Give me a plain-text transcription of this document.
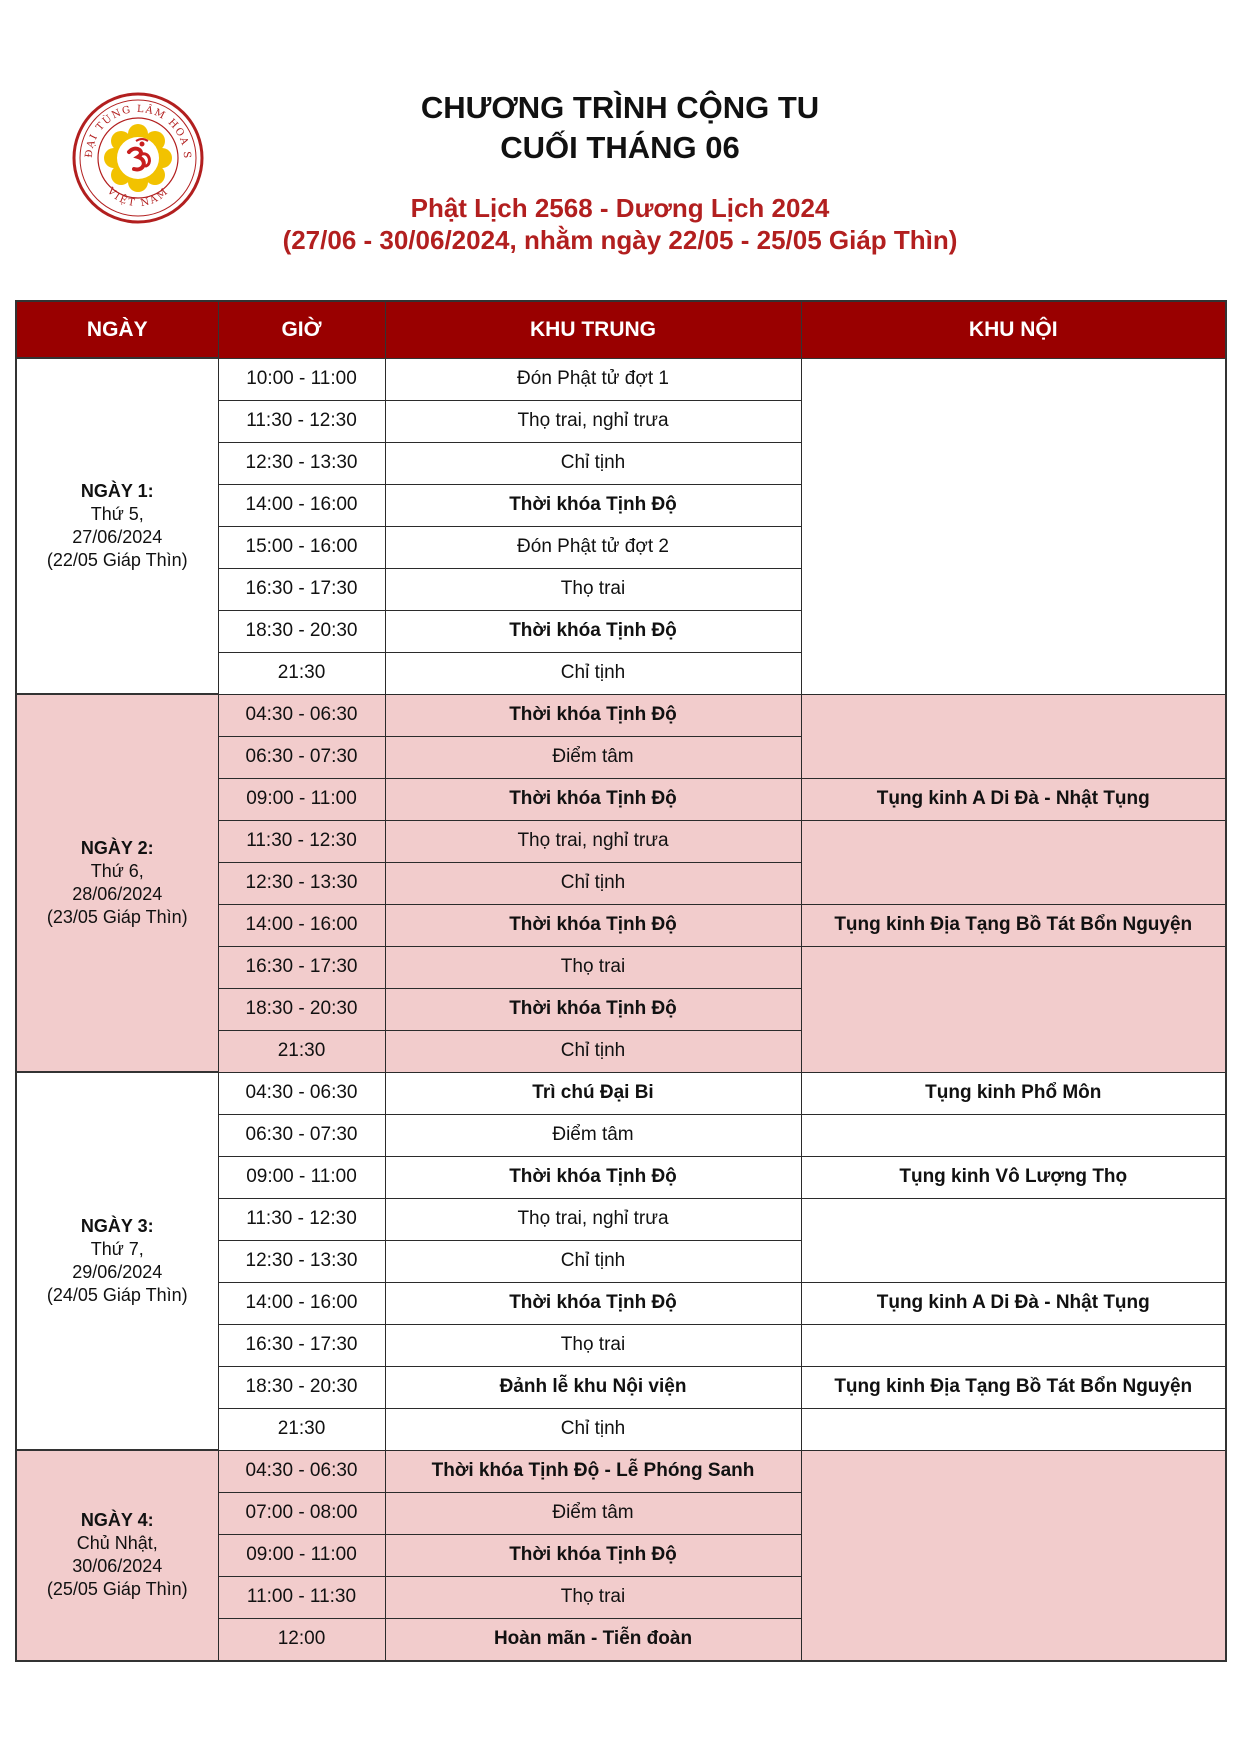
ĐẠI TÙNG LÂM HOA S
VIỆT NAM
CHƯƠNG TRÌNH CỘNG TU
CUỐI THÁNG 06
Phật Lịch 2568 - Dương Lịch 2024
(27/06 - 30/06/2024, nhằm ngày 22/05 - 25/05 Giáp Thìn)
NGÀY	GIỜ	KHU TRUNG	KHU NỘI

NGÀY 1:
Thứ 5,
27/06/2024
(22/05 Giáp Thìn)	10:00 - 11:00	Đón Phật tử đợt 1	
	11:30 - 12:30	Thọ trai, nghỉ trưa	
	12:30 - 13:30	Chỉ tịnh	
	14:00 - 16:00	Thời khóa Tịnh Độ	
	15:00 - 16:00	Đón Phật tử đợt 2	
	16:30 - 17:30	Thọ trai	
	18:30 - 20:30	Thời khóa Tịnh Độ	
	21:30	Chỉ tịnh	

NGÀY 2:
Thứ 6,
28/06/2024
(23/05 Giáp Thìn)	04:30 - 06:30	Thời khóa Tịnh Độ	
	06:30 - 07:30	Điểm tâm	
	09:00 - 11:00	Thời khóa Tịnh Độ	Tụng kinh A Di Đà - Nhật Tụng
	11:30 - 12:30	Thọ trai, nghỉ trưa	
	12:30 - 13:30	Chỉ tịnh	
	14:00 - 16:00	Thời khóa Tịnh Độ	Tụng kinh Địa Tạng Bồ Tát Bổn Nguyện
	16:30 - 17:30	Thọ trai	
	18:30 - 20:30	Thời khóa Tịnh Độ	
	21:30	Chỉ tịnh	

NGÀY 3:
Thứ 7,
29/06/2024
(24/05 Giáp Thìn)	04:30 - 06:30	Trì chú Đại Bi	Tụng kinh Phổ Môn
	06:30 - 07:30	Điểm tâm	
	09:00 - 11:00	Thời khóa Tịnh Độ	Tụng kinh Vô Lượng Thọ
	11:30 - 12:30	Thọ trai, nghỉ trưa	
	12:30 - 13:30	Chỉ tịnh	
	14:00 - 16:00	Thời khóa Tịnh Độ	Tụng kinh A Di Đà - Nhật Tụng
	16:30 - 17:30	Thọ trai	
	18:30 - 20:30	Đảnh lễ khu Nội viện	Tụng kinh Địa Tạng Bồ Tát Bổn Nguyện
	21:30	Chỉ tịnh	

NGÀY 4:
Chủ Nhật,
30/06/2024
(25/05 Giáp Thìn)	04:30 - 06:30	Thời khóa Tịnh Độ - Lễ Phóng Sanh	
	07:00 - 08:00	Điểm tâm	
	09:00 - 11:00	Thời khóa Tịnh Độ	
	11:00 - 11:30	Thọ trai	
	12:00	Hoàn mãn - Tiễn đoàn	
